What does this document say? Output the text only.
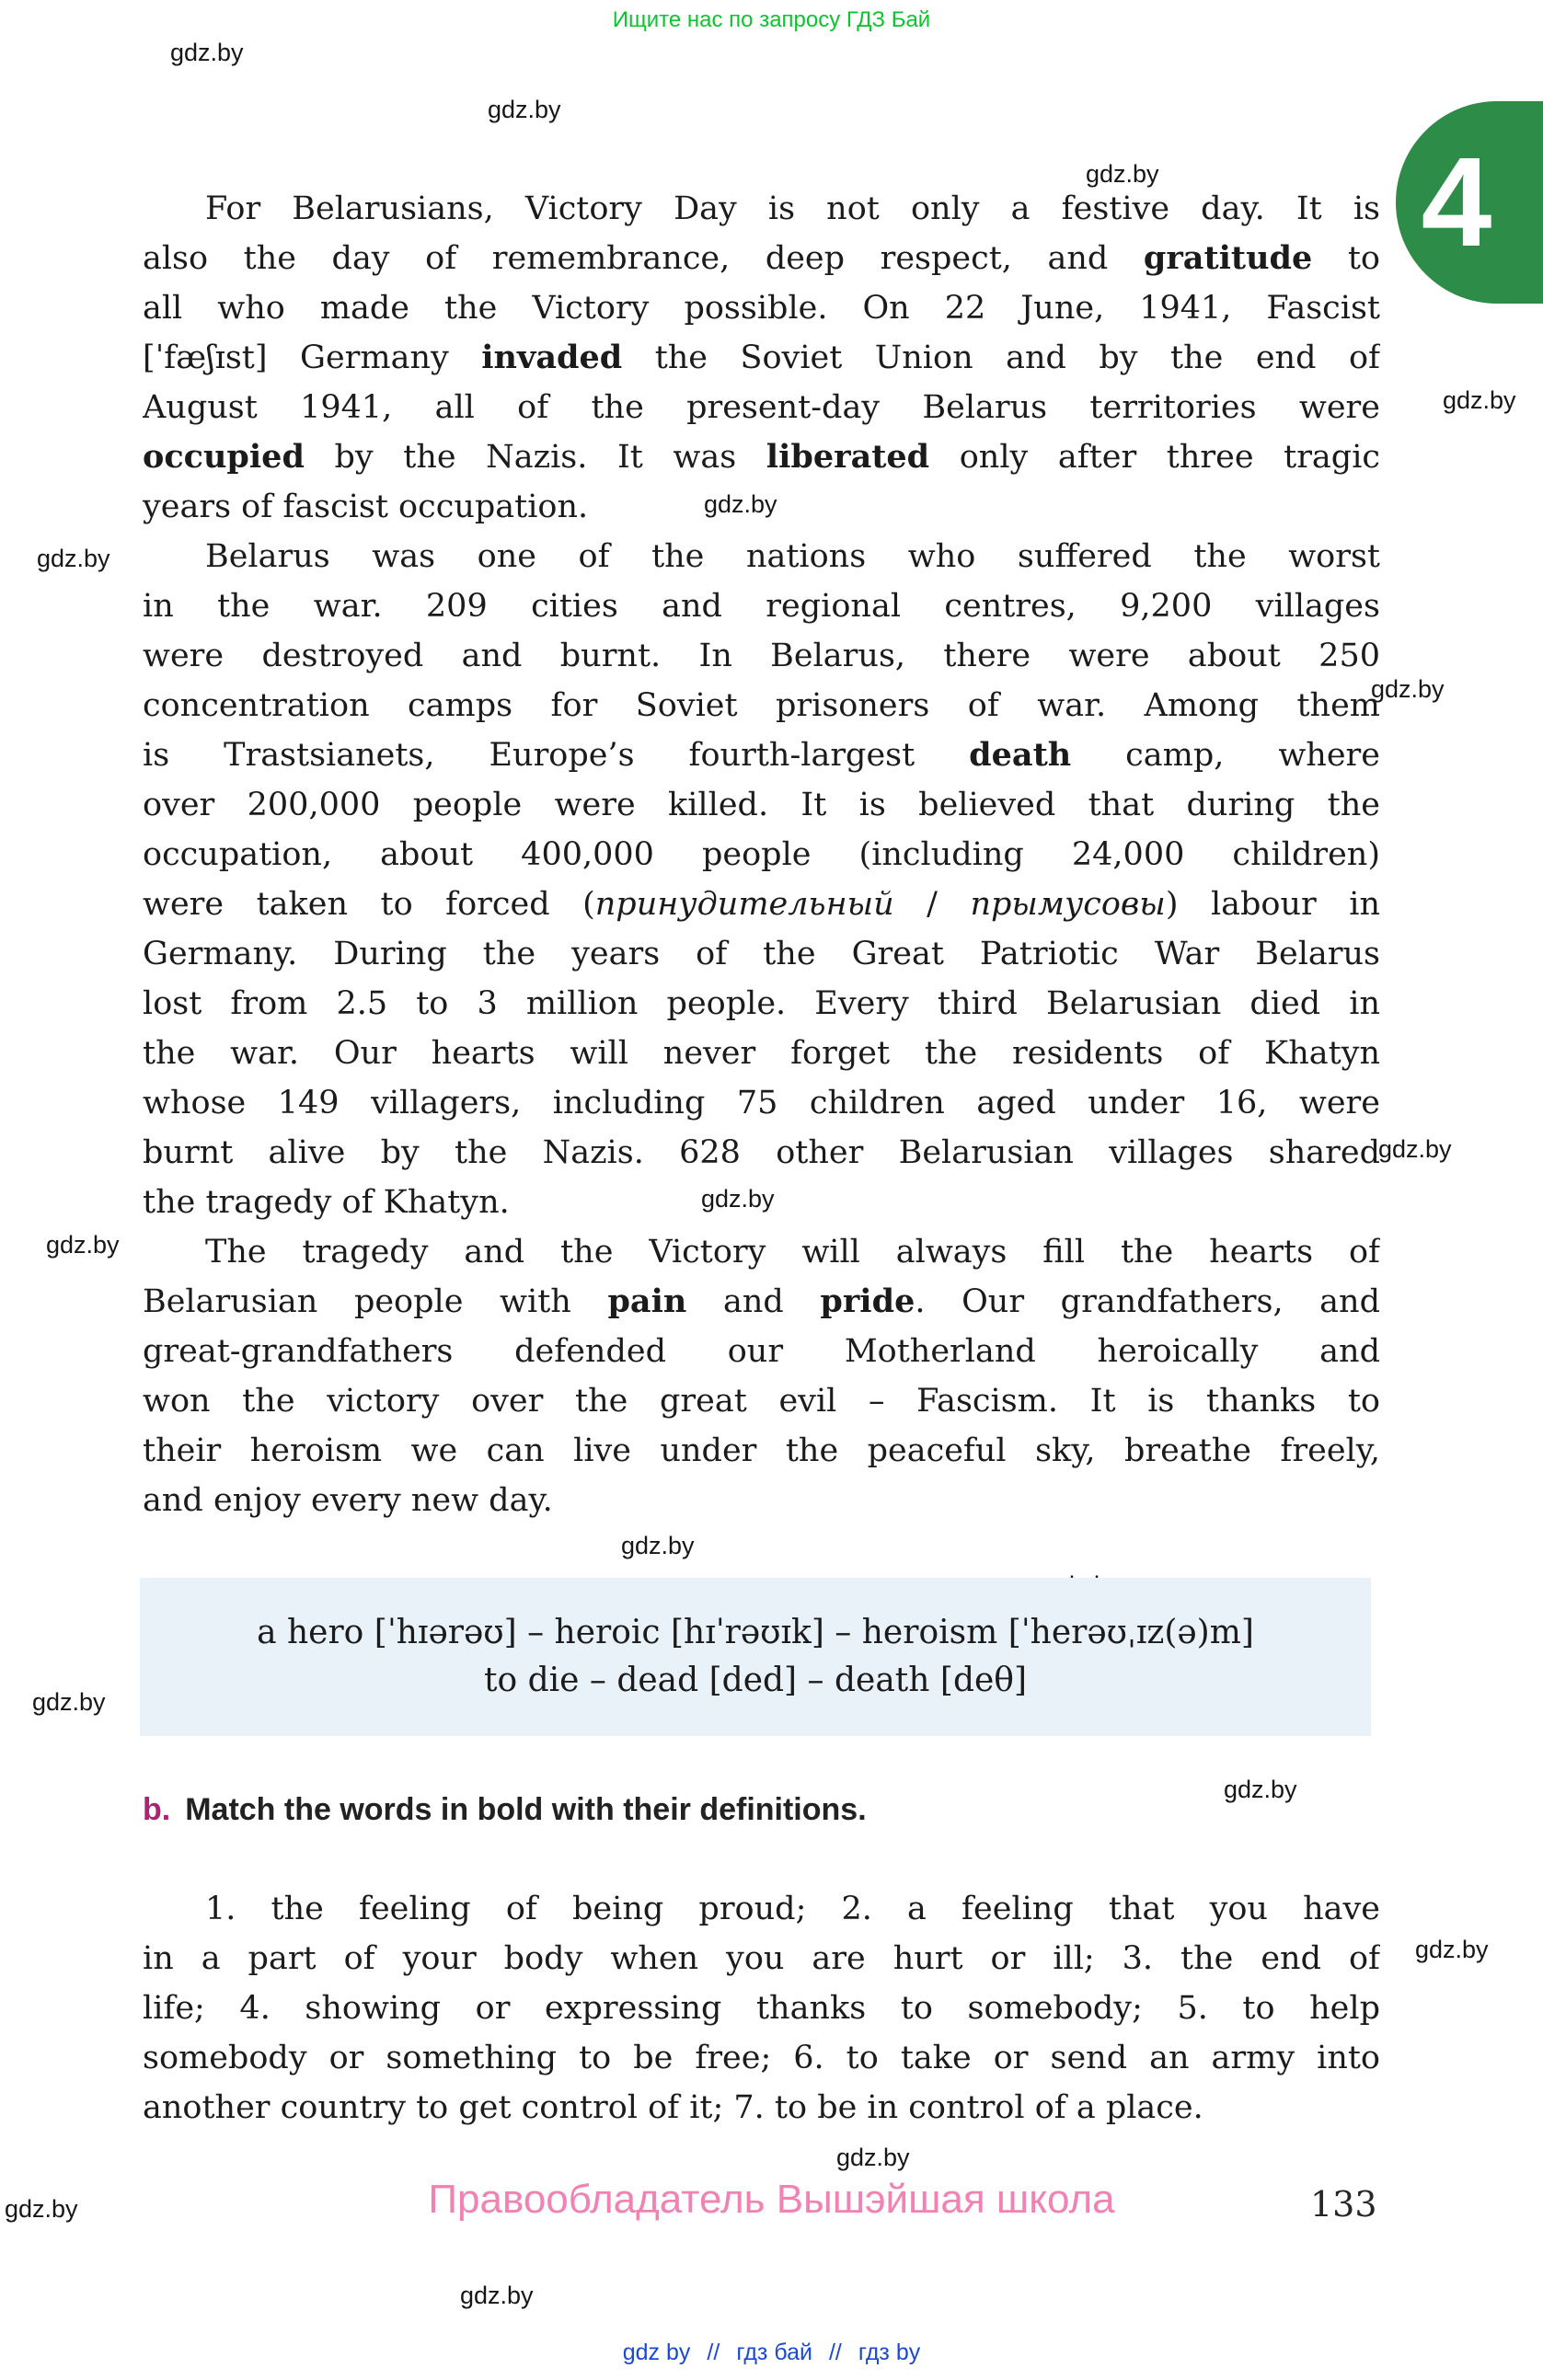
gdz.by
gdz.by
gdz.by
gdz.by
gdz.by
gdz.by
gdz.by
gdz.by
gdz.by
gdz.by
gdz.by
gdz.by
gdz.by
gdz.by
gdz.by
gdz.by
gdz.by
Ищите нас по запросу ГДЗ Бай
4
For Belarusians, Victory Day is not only a festive day. It is
also the day of remembrance, deep respect, and gratitude to
all who made the Victory possible. On 22 June, 1941, Fascist
[ˈfæʃɪst] Germany invaded the Soviet Union and by the end of
August 1941, all of the present-day Belarus territories were
occupied by the Nazis. It was liberated only after three tragic
years of fascist occupation.
Belarus was one of the nations who suffered the worst
in the war. 209 cities and regional centres, 9,200 villages
were destroyed and burnt. In Belarus, there were about 250
concentration camps for Soviet prisoners of war. Among them
is Trastsianets, Europe’s fourth-largest death camp, where
over 200,000 people were killed. It is believed that during the
occupation, about 400,000 people (including 24,000 children)
were taken to forced (принудительный / прымусовы) labour in
Germany. During the years of the Great Patriotic War Belarus
lost from 2.5 to 3 million people. Every third Belarusian died in
the war. Our hearts will never forget the residents of Khatyn
whose 149 villagers, including 75 children aged under 16, were
burnt alive by the Nazis. 628 other Belarusian villages shared
the tragedy of Khatyn.
The tragedy and the Victory will always fill the hearts of
Belarusian people with pain and pride. Our grandfathers, and
great-grandfathers defended our Motherland heroically and
won the victory over the great evil – Fascism. It is thanks to
their heroism we can live under the peaceful sky, breathe freely,
and enjoy every new day.
a hero [ˈhɪərəʊ] – heroic [hɪˈrəʊɪk] – heroism [ˈherəʊˌɪz(ə)m]
to die – dead [ded] – death [deθ]
b. Match the words in bold with their definitions.
1. the feeling of being proud; 2. a feeling that you have
in a part of your body when you are hurt or ill; 3. the end of
life; 4. showing or expressing thanks to somebody; 5. to help
somebody or something to be free; 6. to take or send an army into
another country to get control of it; 7. to be in control of a place.
Правообладатель Вышэйшая школа	133
gdz by // гдз бай // гдз by
